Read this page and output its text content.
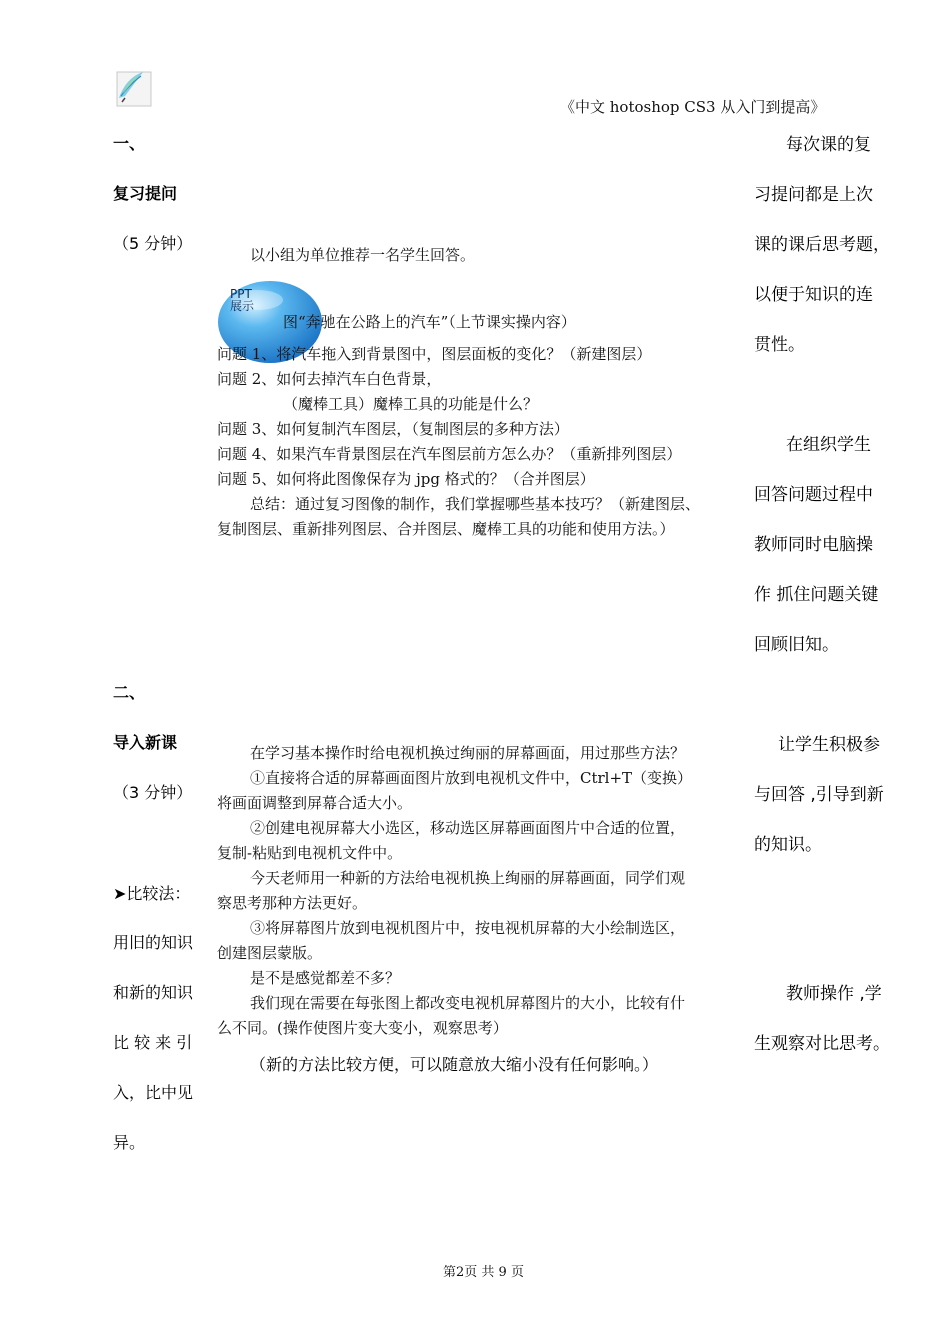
《中文 hotoshop CS3 从入门到提高》
一、
复习提问
（5 分钟）
二、
导入新课
（3 分钟）
➤比较法：
用旧的知识
和新的知识
比 较 来 引
入，比中见
异。
以小组为单位推荐一名学生回答。
PPT
展示
图“奔驰在公路上的汽车”（上节课实操内容）
问题 1、将汽车拖入到背景图中，图层面板的变化？（新建图层）
问题 2、如何去掉汽车白色背景，
（魔棒工具）魔棒工具的功能是什么？
问题 3、如何复制汽车图层，（复制图层的多种方法）
问题 4、如果汽车背景图层在汽车图层前方怎么办？（重新排列图层）
问题 5、如何将此图像保存为 jpg 格式的？（合并图层）
总结：通过复习图像的制作，我们掌握哪些基本技巧？（新建图层、
复制图层、重新排列图层、合并图层、魔棒工具的功能和使用方法。）
在学习基本操作时给电视机换过绚丽的屏幕画面，用过那些方法？
①直接将合适的屏幕画面图片放到电视机文件中，Ctrl+T（变换）
将画面调整到屏幕合适大小。
②创建电视屏幕大小选区，移动选区屏幕画面图片中合适的位置，
复制-粘贴到电视机文件中。
今天老师用一种新的方法给电视机换上绚丽的屏幕画面，同学们观
察思考那种方法更好。
③将屏幕图片放到电视机图片中，按电视机屏幕的大小绘制选区，
创建图层蒙版。
是不是感觉都差不多？
我们现在需要在每张图上都改变电视机屏幕图片的大小，比较有什
么不同。(操作使图片变大变小，观察思考）
（新的方法比较方便，可以随意放大缩小没有任何影响。）
每次课的复
习提问都是上次
课的课后思考题，
以便于知识的连
贯性。
在组织学生
回答问题过程中
教师同时电脑操
作 抓住问题关键
回顾旧知。
让学生积极参
与回答 ,引导到新
的知识。
教师操作 ,学
生观察对比思考。
第2页 共 9 页
